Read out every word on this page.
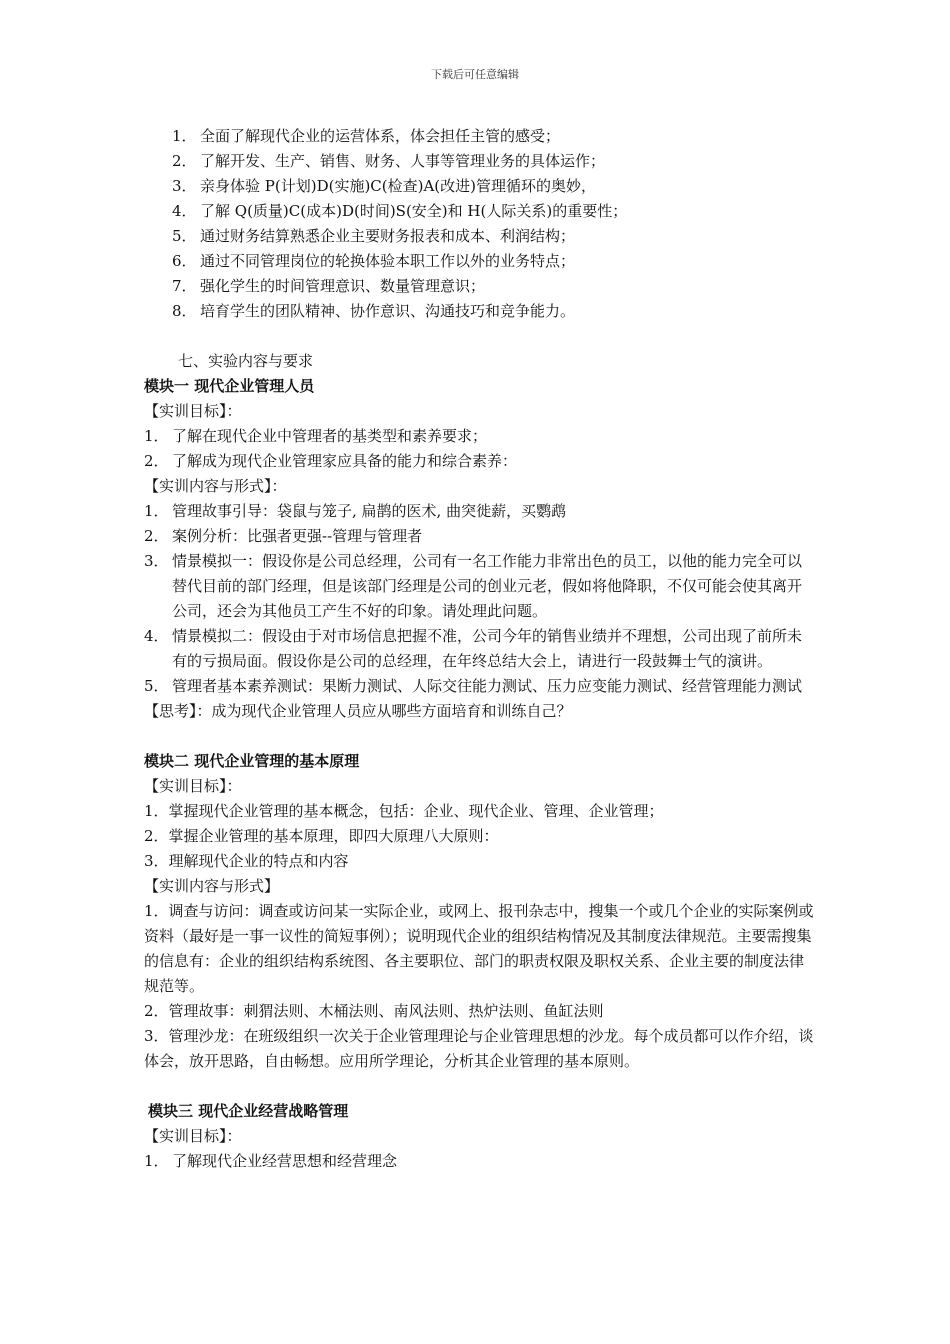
下载后可任意编辑
1． 全面了解现代企业的运营体系，体会担任主管的感受；
2． 了解开发、生产、销售、财务、人事等管理业务的具体运作；
3． 亲身体验 P(计划)D(实施)C(检查)A(改进)管理循环的奥妙，
4． 了解 Q(质量)C(成本)D(时间)S(安全)和 H(人际关系)的重要性；
5． 通过财务结算熟悉企业主要财务报表和成本、利润结构；
6． 通过不同管理岗位的轮换体验本职工作以外的业务特点；
7． 强化学生的时间管理意识、数量管理意识；
8． 培育学生的团队精神、协作意识、沟通技巧和竞争能力。
七、实验内容与要求
模块一 现代企业管理人员
【实训目标】：
1． 了解在现代企业中管理者的基类型和素养要求；
2． 了解成为现代企业管理家应具备的能力和综合素养：
【实训内容与形式】：
1． 管理故事引导：袋鼠与笼子, 扁鹊的医术, 曲突徙薪，买鹦鹉
2． 案例分析：比强者更强--管理与管理者
3． 情景模拟一：假设你是公司总经理，公司有一名工作能力非常出色的员工，以他的能力完全可以替代目前的部门经理，但是该部门经理是公司的创业元老，假如将他降职，不仅可能会使其离开公司，还会为其他员工产生不好的印象。请处理此问题。
4． 情景模拟二：假设由于对市场信息把握不准，公司今年的销售业绩并不理想，公司出现了前所未有的亏损局面。假设你是公司的总经理，在年终总结大会上，请进行一段鼓舞士气的演讲。
5． 管理者基本素养测试：果断力测试、人际交往能力测试、压力应变能力测试、经营管理能力测试
【思考】：成为现代企业管理人员应从哪些方面培育和训练自己？
模块二 现代企业管理的基本原理
【实训目标】：
1．掌握现代企业管理的基本概念，包括：企业、现代企业、管理、企业管理；
2．掌握企业管理的基本原理，即四大原理八大原则：
3．理解现代企业的特点和内容
【实训内容与形式】
1．调查与访问：调查或访问某一实际企业，或网上、报刊杂志中，搜集一个或几个企业的实际案例或资料（最好是一事一议性的简短事例）；说明现代企业的组织结构情况及其制度法律规范。主要需搜集的信息有：企业的组织结构系统图、各主要职位、部门的职责权限及职权关系、企业主要的制度法律规范等。
2．管理故事：刺猬法则、木桶法则、南风法则、热炉法则、鱼缸法则
3．管理沙龙：在班级组织一次关于企业管理理论与企业管理思想的沙龙。每个成员都可以作介绍，谈体会，放开思路，自由畅想。应用所学理论，分析其企业管理的基本原则。
模块三 现代企业经营战略管理
【实训目标】：
1． 了解现代企业经营思想和经营理念
